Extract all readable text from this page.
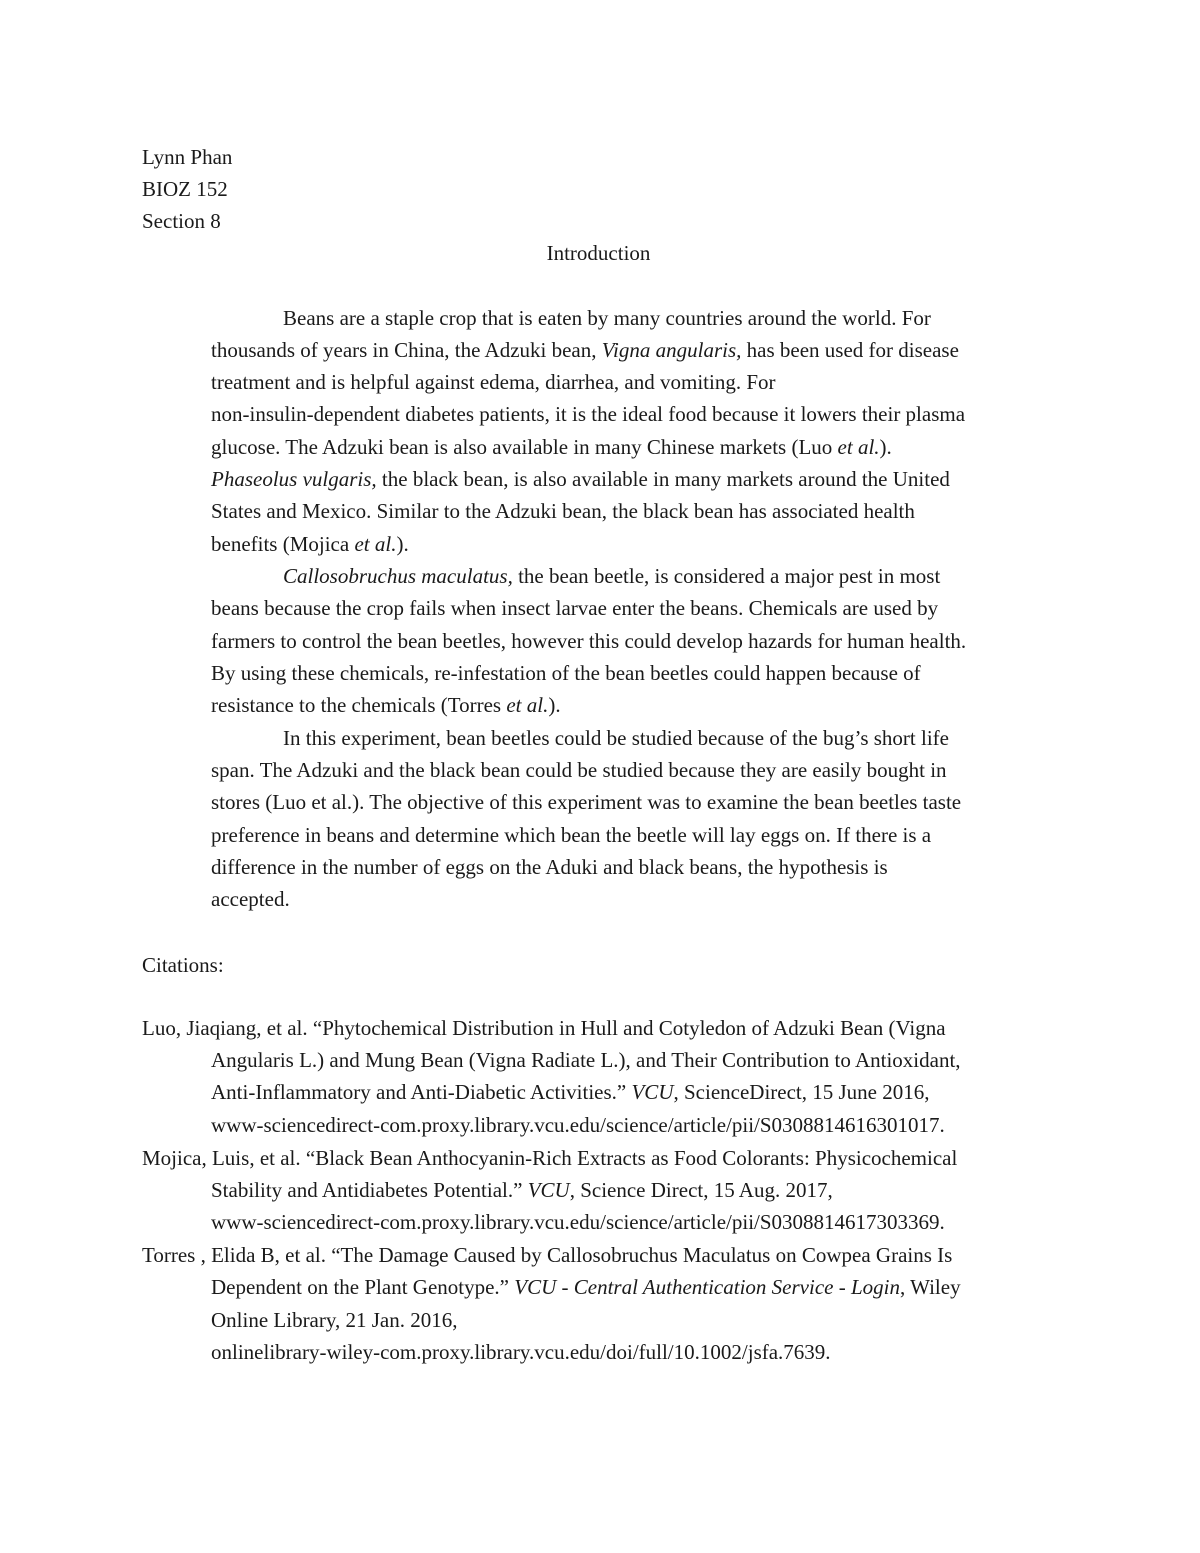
Lynn Phan
BIOZ 152
Section 8
Introduction
Beans are a staple crop that is eaten by many countries around the world. For
thousands of years in China, the Adzuki bean, Vigna angularis, has been used for disease
treatment and is helpful against edema, diarrhea, and vomiting. For
non-insulin-dependent diabetes patients, it is the ideal food because it lowers their plasma
glucose. The Adzuki bean is also available in many Chinese markets (Luo et al.).
Phaseolus vulgaris, the black bean, is also available in many markets around the United
States and Mexico. Similar to the Adzuki bean, the black bean has associated health
benefits (Mojica et al.).
Callosobruchus maculatus, the bean beetle, is considered a major pest in most
beans because the crop fails when insect larvae enter the beans. Chemicals are used by
farmers to control the bean beetles, however this could develop hazards for human health.
By using these chemicals, re-infestation of the bean beetles could happen because of
resistance to the chemicals (Torres et al.).
In this experiment, bean beetles could be studied because of the bug’s short life
span. The Adzuki and the black bean could be studied because they are easily bought in
stores (Luo et al.). The objective of this experiment was to examine the bean beetles taste
preference in beans and determine which bean the beetle will lay eggs on. If there is a
difference in the number of eggs on the Aduki and black beans, the hypothesis is
accepted.
Citations:
Luo, Jiaqiang, et al. “Phytochemical Distribution in Hull and Cotyledon of Adzuki Bean (Vigna
Angularis L.) and Mung Bean (Vigna Radiate L.), and Their Contribution to Antioxidant,
Anti-Inflammatory and Anti-Diabetic Activities.” VCU, ScienceDirect, 15 June 2016,
www-sciencedirect-com.proxy.library.vcu.edu/science/article/pii/S0308814616301017.
Mojica, Luis, et al. “Black Bean Anthocyanin-Rich Extracts as Food Colorants: Physicochemical
Stability and Antidiabetes Potential.” VCU, Science Direct, 15 Aug. 2017,
www-sciencedirect-com.proxy.library.vcu.edu/science/article/pii/S0308814617303369.
Torres , Elida B, et al. “The Damage Caused by Callosobruchus Maculatus on Cowpea Grains Is
Dependent on the Plant Genotype.” VCU - Central Authentication Service - Login, Wiley
Online Library, 21 Jan. 2016,
onlinelibrary-wiley-com.proxy.library.vcu.edu/doi/full/10.1002/jsfa.7639.
